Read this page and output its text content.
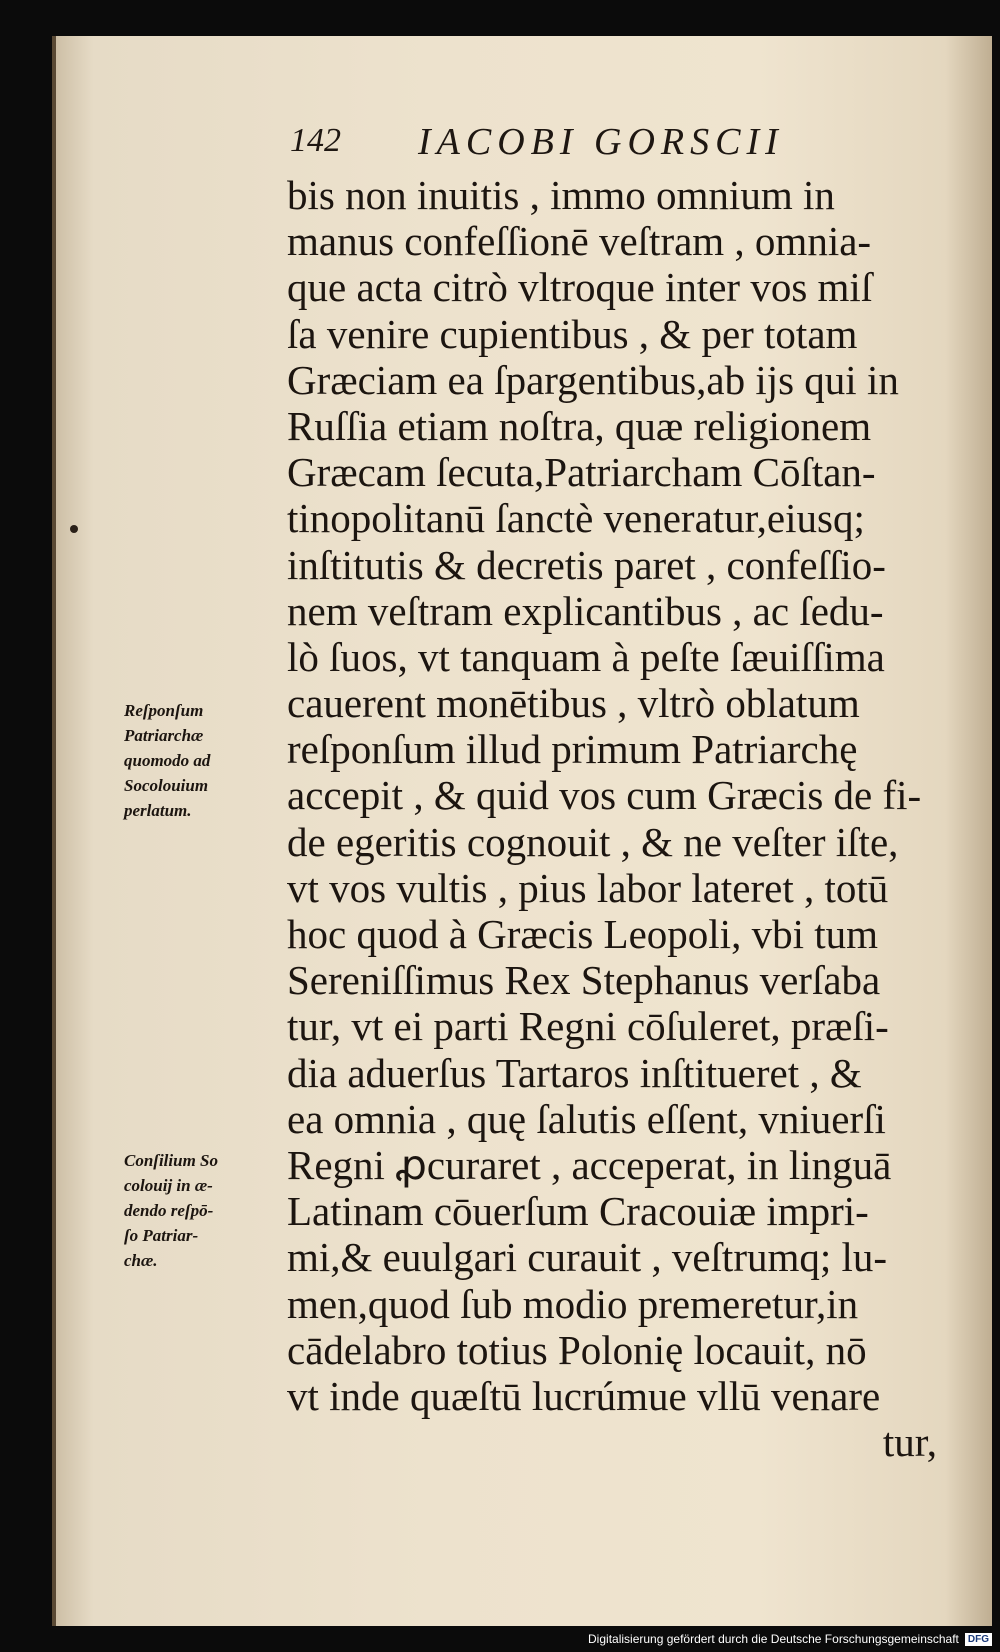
142 IACOBI GORSCII
bis non inuitis , immo omnium in
manus confeſſionē veſtram , omnia-
que acta citrò vltroque inter vos miſ
ſa venire cupientibus , & per totam
Græciam ea ſpargentibus,ab ijs qui in
Ruſſia etiam noſtra, quæ religionem
Græcam ſecuta,Patriarcham Cōſtan-
tinopolitanū ſanctè veneratur,eiusq;
inſtitutis & decretis paret , confeſſio-
nem veſtram explicantibus , ac ſedu-
lò ſuos, vt tanquam à peſte ſæuiſſima
cauerent monētibus , vltrò oblatum
reſponſum illud primum Patriarchę
accepit , & quid vos cum Græcis de fi-
de egeritis cognouit , & ne veſter iſte,
vt vos vultis , pius labor lateret , totū
hoc quod à Græcis Leopoli, vbi tum
Sereniſſimus Rex Stephanus verſaba
tur, vt ei parti Regni cōſuleret, præſi-
dia aduerſus Tartaros inſtitueret , &
ea omnia , quę ſalutis eſſent, vniuerſi
Regni ꝓcuraret , acceperat, in linguā
Latinam cōuerſum Cracouiæ impri-
mi,& euulgari curauit , veſtrumq; lu-
men,quod ſub modio premeretur,in
cādelabro totius Polonię locauit, nō
vt inde quæſtū lucrúmue vllū venare
tur,
Reſponſum
Patriarchæ
quomodo ad
Socolouium
perlatum.
Conſilium So
colouij in æ-
dendo reſpō-
ſo Patriar-
chæ.
Digitalisierung gefördert durch die Deutsche Forschungsgemeinschaft DFG
